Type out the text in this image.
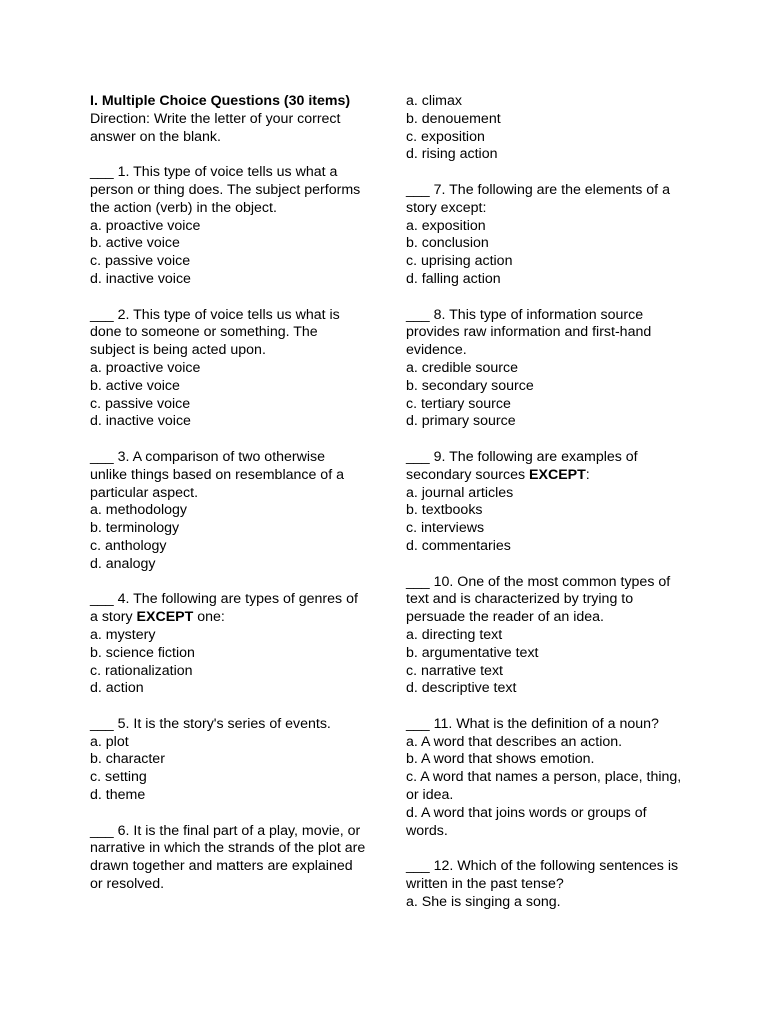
I. Multiple Choice Questions (30 items)

Direction: Write the letter of your correct answer on the blank.

___ 1. This type of voice tells us what a person or thing does. The subject performs the action (verb) in the object.

a. proactive voice
b. active voice
c. passive voice
d. inactive voice

___ 2. This type of voice tells us what is done to someone or something. The subject is being acted upon.

a. proactive voice
b. active voice
c. passive voice
d. inactive voice

___ 3. A comparison of two otherwise unlike things based on resemblance of a particular aspect.

a. methodology
b. terminology
c. anthology
d. analogy

___ 4. The following are types of genres of a story EXCEPT one:

a. mystery
b. science fiction
c. rationalization
d. action

___ 5. It is the story's series of events.

a. plot
b. character
c. setting
d. theme

___ 6. It is the final part of a play, movie, or narrative in which the strands of the plot are drawn together and matters are explained or resolved.

a. climax
b. denouement
c. exposition
d. rising action

___ 7. The following are the elements of a story except:

a. exposition
b. conclusion
c. uprising action
d. falling action

___ 8. This type of information source provides raw information and first-hand evidence.

a. credible source
b. secondary source
c. tertiary source
d. primary source

___ 9. The following are examples of secondary sources EXCEPT:

a. journal articles
b. textbooks
c. interviews
d. commentaries

___ 10. One of the most common types of text and is characterized by trying to persuade the reader of an idea.

a. directing text
b. argumentative text
c. narrative text
d. descriptive text

___ 11. What is the definition of a noun?

a. A word that describes an action.
b. A word that shows emotion.
c. A word that names a person, place, thing, or idea.
d. A word that joins words or groups of words.

___ 12. Which of the following sentences is written in the past tense?

a. She is singing a song.
